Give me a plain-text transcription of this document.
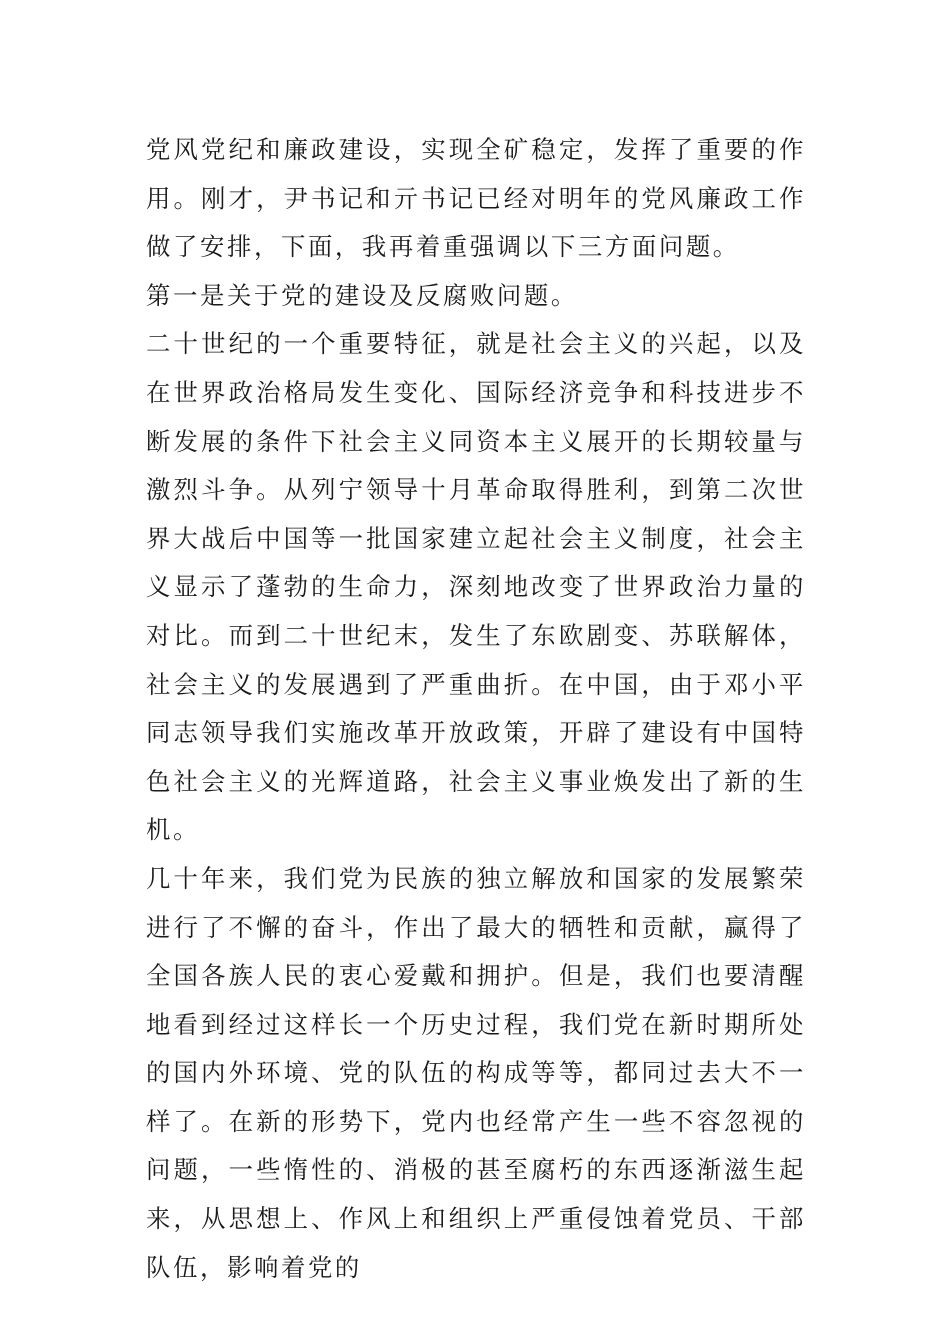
党风党纪和廉政建设，实现全矿稳定，发挥了重要的作用。刚才，尹书记和亓书记已经对明年的党风廉政工作做了安排，下面，我再着重强调以下三方面问题。

第一是关于党的建设及反腐败问题。

二十世纪的一个重要特征，就是社会主义的兴起，以及在世界政治格局发生变化、国际经济竞争和科技进步不断发展的条件下社会主义同资本主义展开的长期较量与激烈斗争。从列宁领导十月革命取得胜利，到第二次世界大战后中国等一批国家建立起社会主义制度，社会主义显示了蓬勃的生命力，深刻地改变了世界政治力量的对比。而到二十世纪末，发生了东欧剧变、苏联解体，社会主义的发展遇到了严重曲折。在中国，由于邓小平同志领导我们实施改革开放政策，开辟了建设有中国特色社会主义的光辉道路，社会主义事业焕发出了新的生机。

几十年来，我们党为民族的独立解放和国家的发展繁荣进行了不懈的奋斗，作出了最大的牺牲和贡献，赢得了全国各族人民的衷心爱戴和拥护。但是，我们也要清醒地看到经过这样长一个历史过程，我们党在新时期所处的国内外环境、党的队伍的构成等等，都同过去大不一样了。在新的形势下，党内也经常产生一些不容忽视的问题，一些惰性的、消极的甚至腐朽的东西逐渐滋生起来，从思想上、作风上和组织上严重侵蚀着党员、干部队伍，影响着党的
